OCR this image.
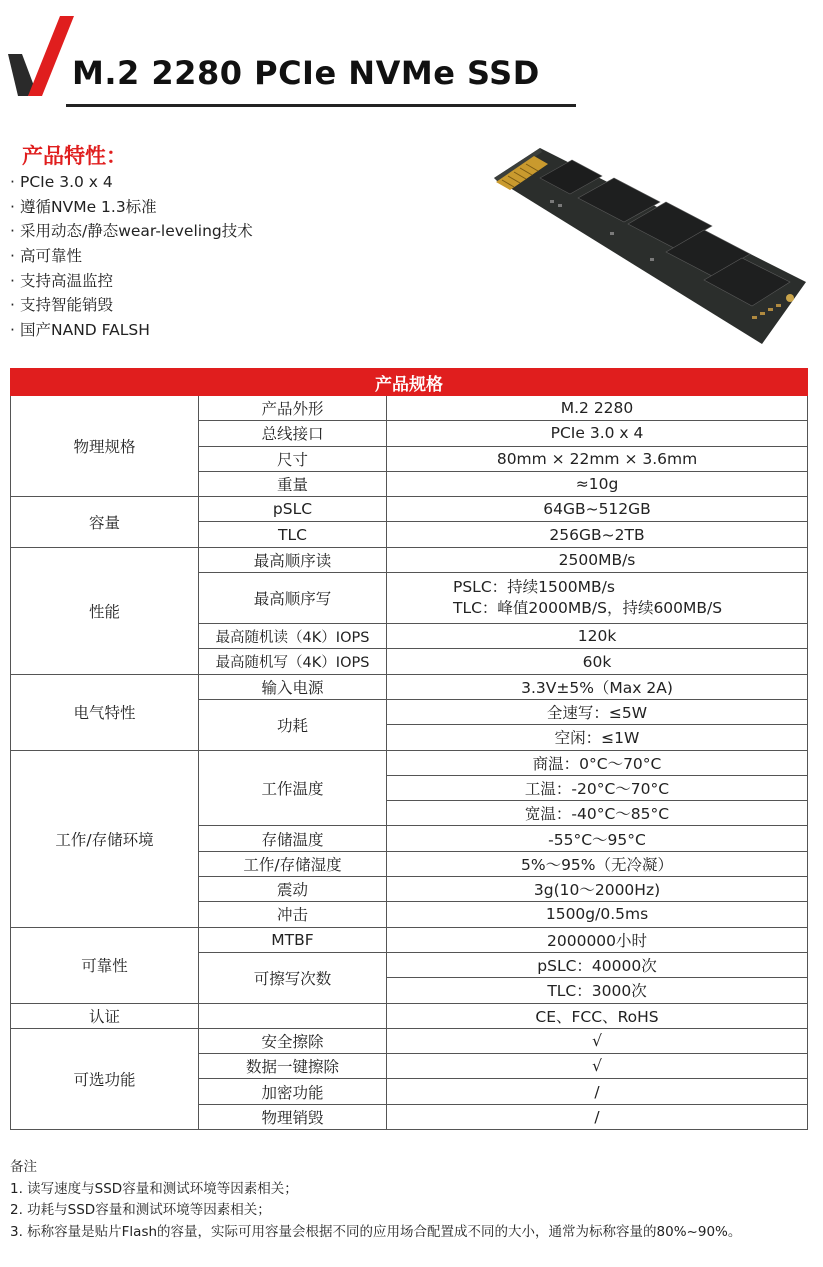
M.2 2280 PCIe NVMe SSD
产品特性：
· PCIe 3.0 x 4
· 遵循NVMe 1.3标准
· 采用动态/静态wear-leveling技术
· 高可靠性
· 支持高温监控
· 支持智能销毁
· 国产NAND FALSH
产品规格		
物理规格	产品外形	M.2 2280
	总线接口	PCIe 3.0 x 4
	尺寸	80mm × 22mm × 3.6mm
	重量	≈10g
容量	pSLC	64GB~512GB
	TLC	256GB~2TB
性能	最高顺序读	2500MB/s
	最高顺序写	PSLC：持续1500MB/s
TLC：峰值2000MB/S，持续600MB/S

	最高随机读（4K）IOPS	120k
	最高随机写（4K）IOPS	60k
电气特性	输入电源	3.3V±5%（Max 2A)
	功耗	全速写：≤5W
		空闲：≤1W
工作/存储环境	工作温度	商温：0°C～70°C
		工温：-20°C～70°C
		宽温：-40°C～85°C
	存储温度	-55°C～95°C
	工作/存储湿度	5%～95%（无冷凝）
	震动	3g(10～2000Hz)
	冲击	1500g/0.5ms
可靠性	MTBF	2000000小时
	可擦写次数	pSLC：40000次
		TLC：3000次
认证		CE、FCC、RoHS
可选功能	安全擦除	√
	数据一键擦除	√
	加密功能	/
	物理销毁	/

备注

1. 读写速度与SSD容量和测试环境等因素相关；

2. 功耗与SSD容量和测试环境等因素相关；

3. 标称容量是贴片Flash的容量，实际可用容量会根据不同的应用场合配置成不同的大小，通常为标称容量的80%~90%。
